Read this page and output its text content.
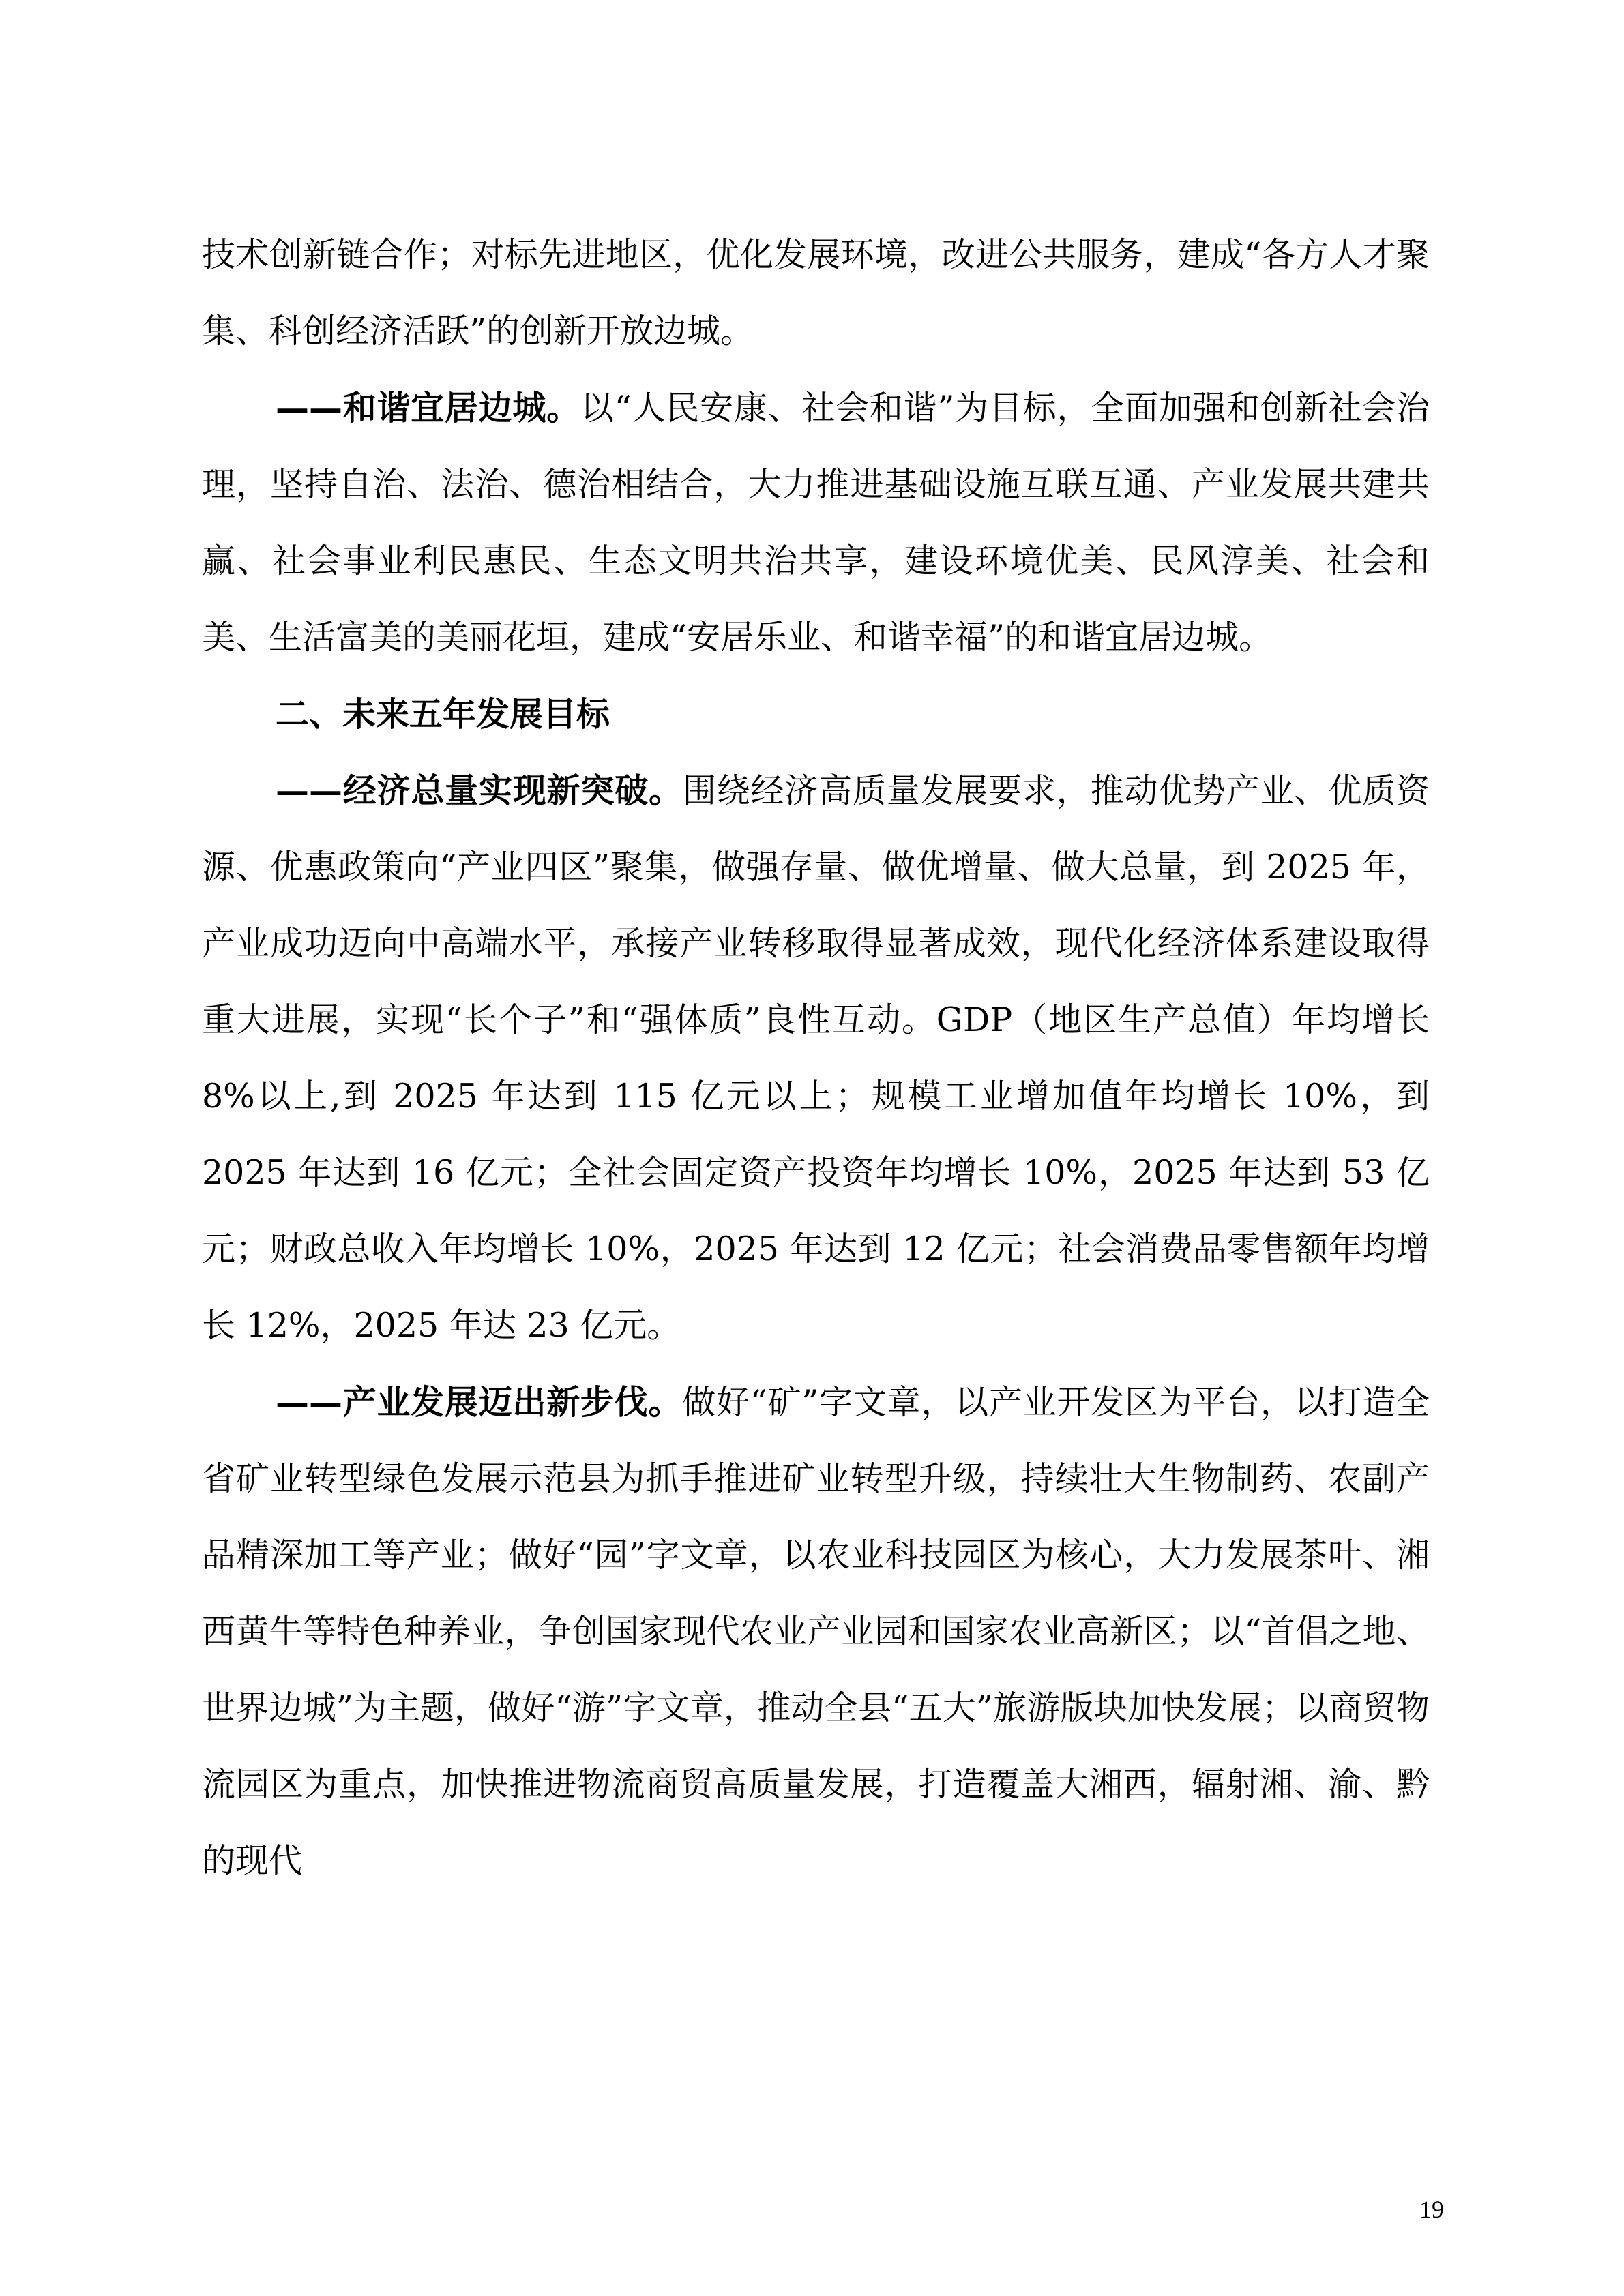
技术创新链合作；对标先进地区，优化发展环境，改进公共服务，建成“各方人才聚集、科创经济活跃”的创新开放边城。

——和谐宜居边城。以“人民安康、社会和谐”为目标，全面加强和创新社会治理，坚持自治、法治、德治相结合，大力推进基础设施互联互通、产业发展共建共赢、社会事业利民惠民、生态文明共治共享，建设环境优美、民风淳美、社会和美、生活富美的美丽花垣，建成“安居乐业、和谐幸福”的和谐宜居边城。

二、未来五年发展目标

——经济总量实现新突破。围绕经济高质量发展要求，推动优势产业、优质资源、优惠政策向“产业四区”聚集，做强存量、做优增量、做大总量，到 2025 年，产业成功迈向中高端水平，承接产业转移取得显著成效，现代化经济体系建设取得重大进展，实现“长个子”和“强体质”良性互动。GDP（地区生产总值）年均增长 8%以上,到 2025 年达到 115 亿元以上；规模工业增加值年均增长 10%，到 2025 年达到 16 亿元；全社会固定资产投资年均增长 10%，2025 年达到 53 亿元；财政总收入年均增长 10%，2025 年达到 12 亿元；社会消费品零售额年均增长 12%，2025 年达 23 亿元。

——产业发展迈出新步伐。做好“矿”字文章，以产业开发区为平台，以打造全省矿业转型绿色发展示范县为抓手推进矿业转型升级，持续壮大生物制药、农副产品精深加工等产业；做好“园”字文章，以农业科技园区为核心，大力发展茶叶、湘西黄牛等特色种养业，争创国家现代农业产业园和国家农业高新区；以“首倡之地、世界边城”为主题，做好“游”字文章，推动全县“五大”旅游版块加快发展；以商贸物流园区为重点，加快推进物流商贸高质量发展，打造覆盖大湘西，辐射湘、渝、黔的现代

19
